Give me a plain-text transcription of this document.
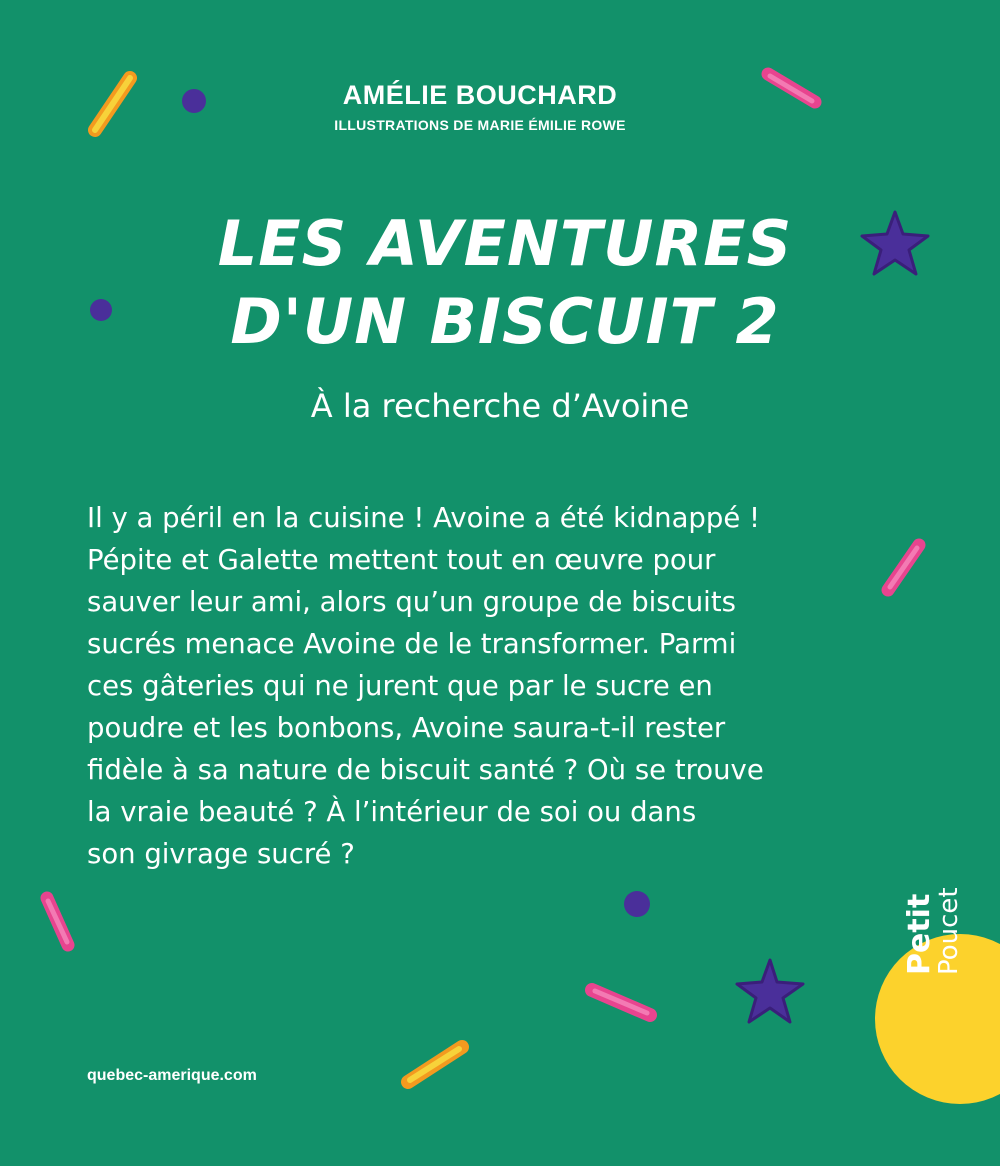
AMÉLIE BOUCHARD
ILLUSTRATIONS DE MARIE ÉMILIE ROWE
LES AVENTURES
D'UN BISCUIT 2
À la recherche d’Avoine
Il y a péril en la cuisine ! Avoine a été kidnappé !
Pépite et Galette mettent tout en œuvre pour
sauver leur ami, alors qu’un groupe de biscuits
sucrés menace Avoine de le transformer. Parmi
ces gâteries qui ne jurent que par le sucre en
poudre et les bonbons, Avoine saura-t-il rester
fidèle à sa nature de biscuit santé ? Où se trouve
la vraie beauté ? À l’intérieur de soi ou dans
son givrage sucré ?
quebec-amerique.com
Petit
Poucet
